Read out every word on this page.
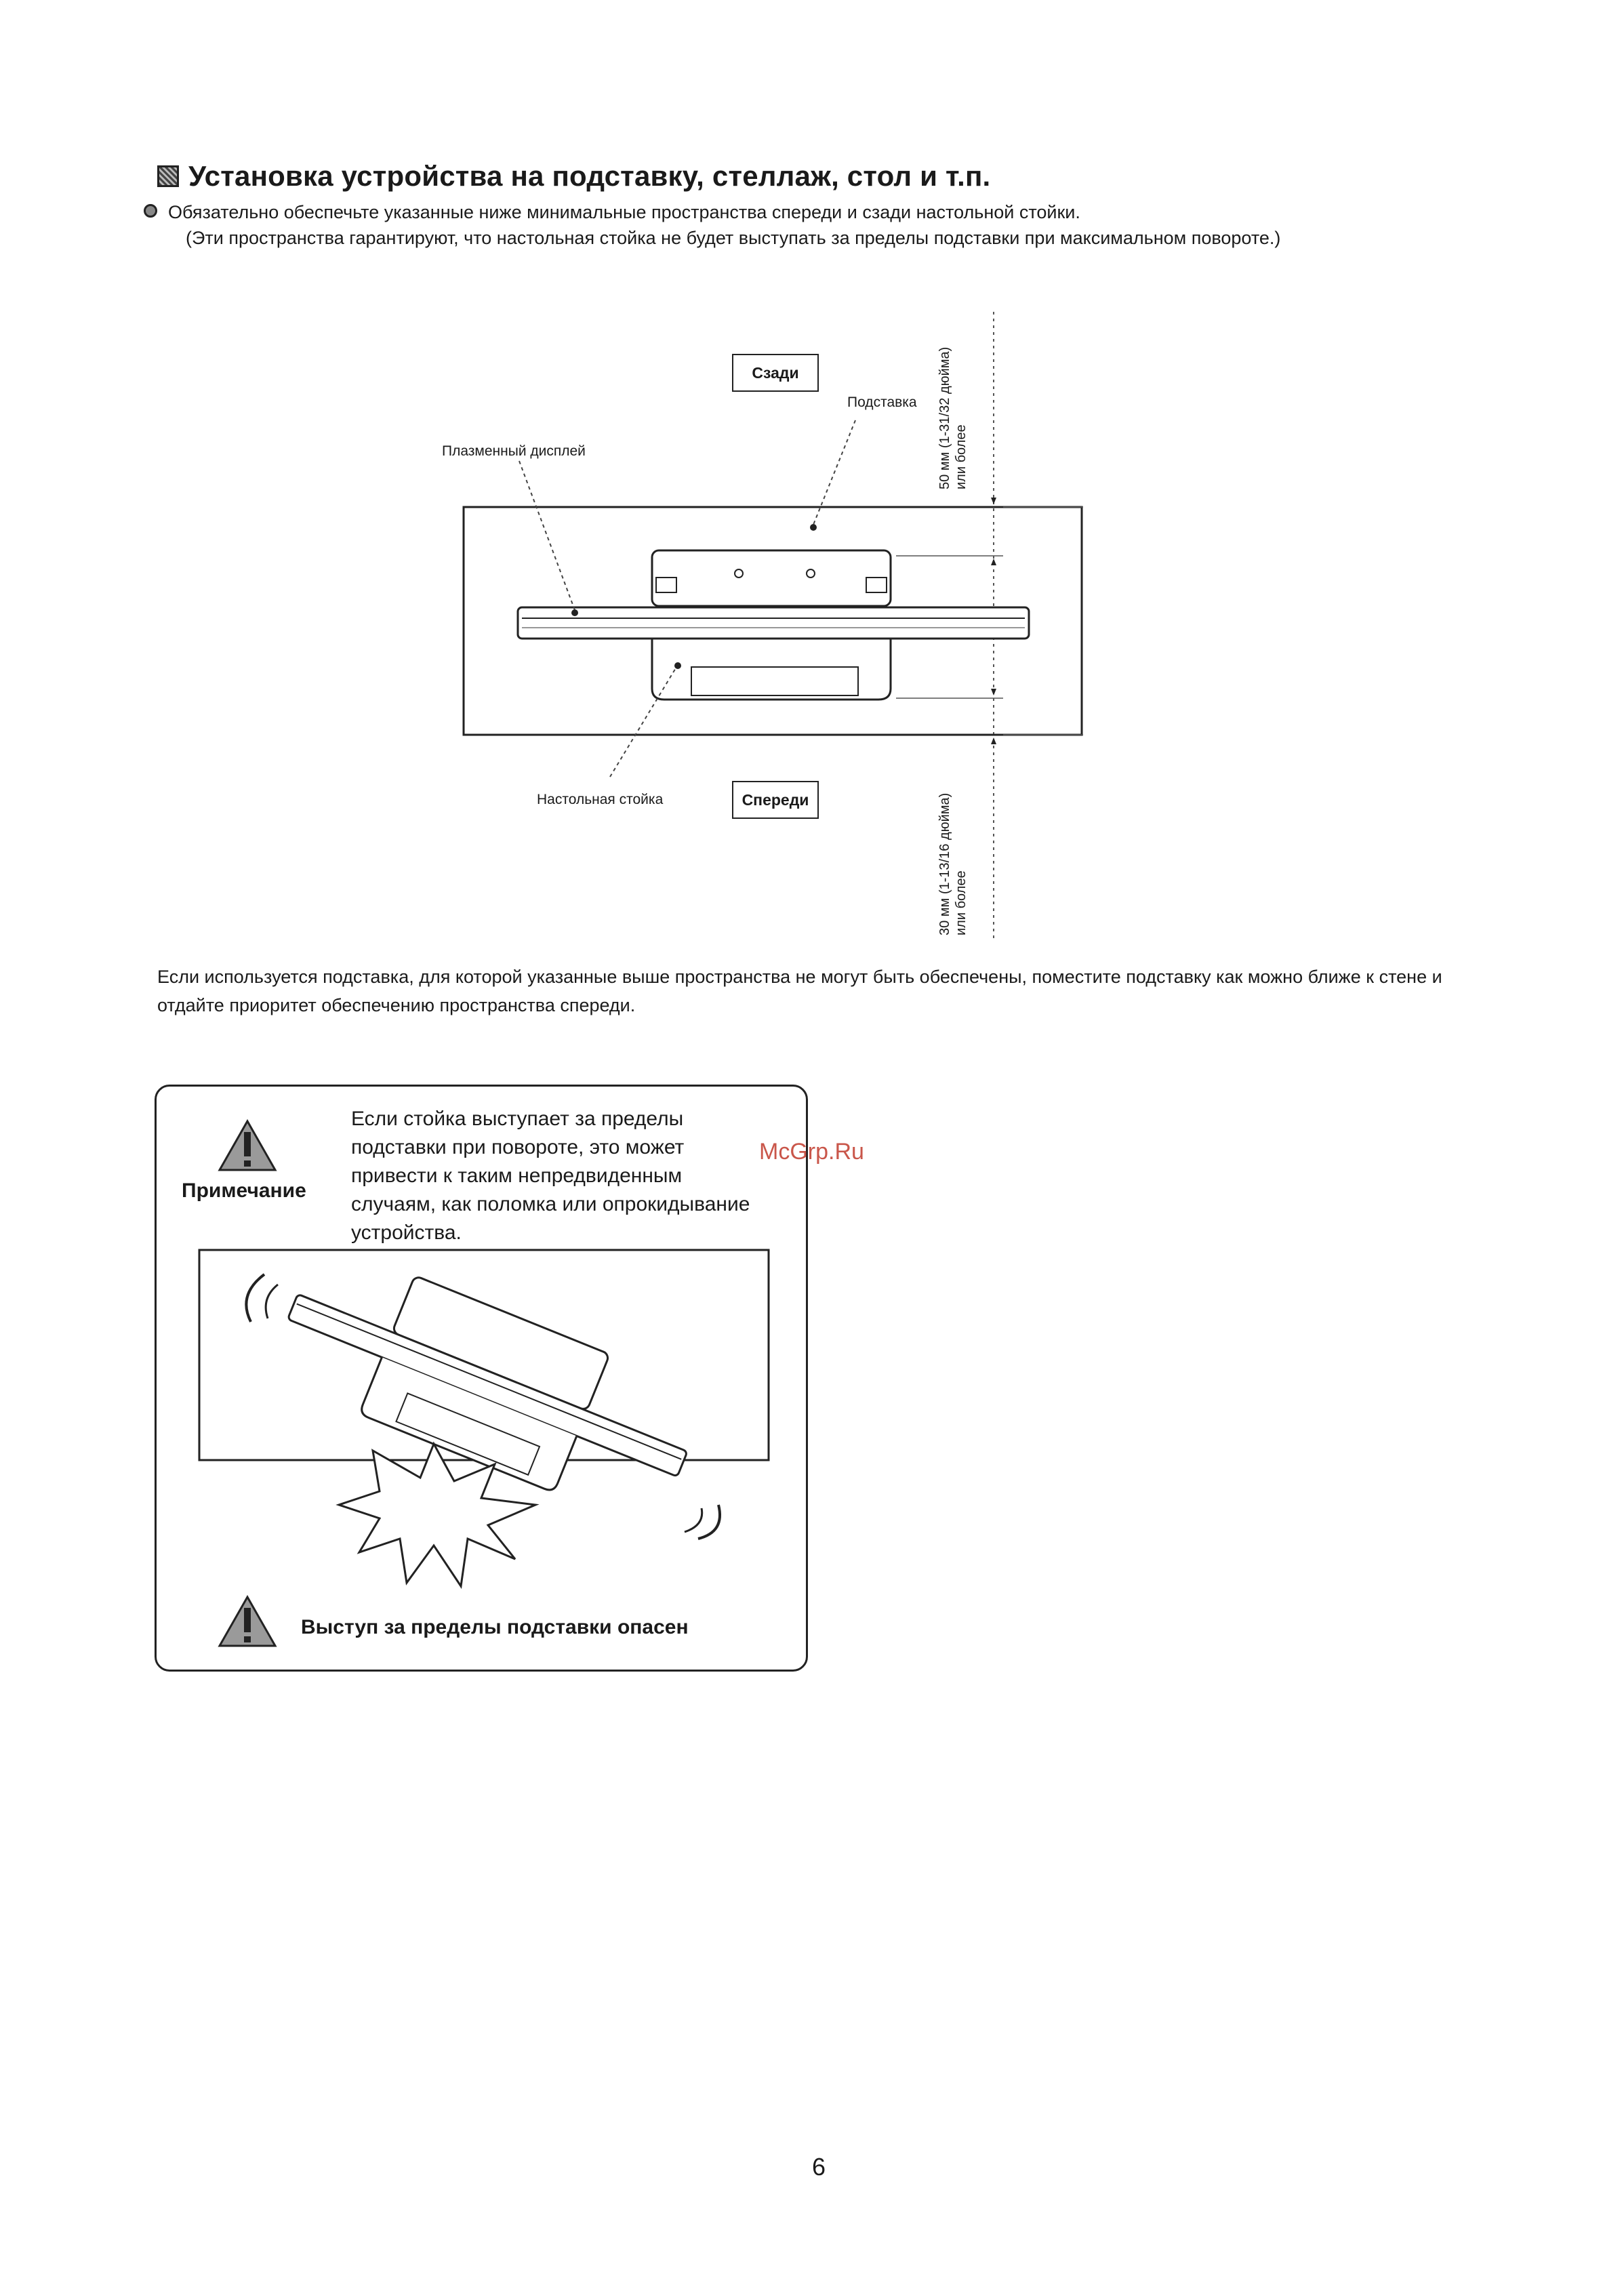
Установка устройства на подставку, стеллаж, стол и т.п.
Обязательно обеспечьте указанные ниже минимальные пространства спереди и сзади настольной стойки.
(Эти пространства гарантируют, что настольная стойка не будет выступать за пределы подставки при максимальном повороте.)
Сзади
Спереди
Подставка
Плазменный дисплей
Настольная стойка
50 мм (1-31/32 дюйма) или более
30 мм (1-13/16 дюйма) или более
Если используется подставка, для которой указанные выше пространства не могут быть обеспечены, поместите подставку как можно ближе к стене и отдайте приоритет обеспечению пространства спереди.
Примечание
Если стойка выступает за пределы подставки при повороте, это может привести к таким непредвиденным случаям, как поломка или опрокидывание устройства.
McGrp.Ru
Выступ за пределы подставки опасен
6
